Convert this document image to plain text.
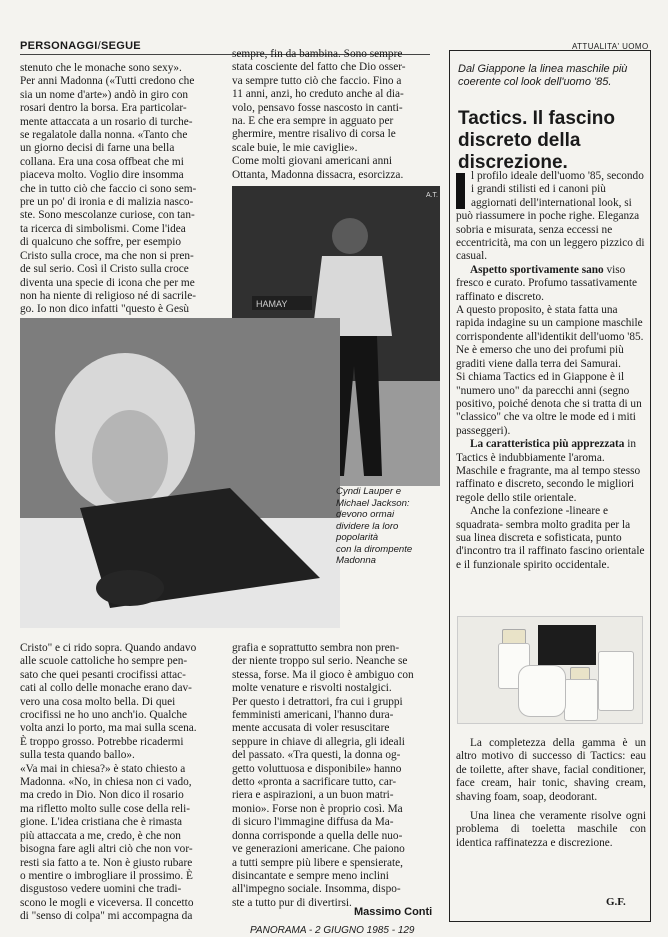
PERSONAGGI/SEGUE
stenuto che le monache sono sexy».
Per anni Madonna («Tutti credono che
sia un nome d'arte») andò in giro con
rosari dentro la borsa. Era particolar-
mente attaccata a un rosario di turche-
se regalatole dalla nonna. «Tanto che
un giorno decisi di farne una bella
collana. Era una cosa offbeat che mi
piaceva molto. Voglio dire insomma
che in tutto ciò che faccio ci sono sem-
pre un po' di ironia e di malizia nasco-
ste. Sono mescolanze curiose, con tan-
ta ricerca di simbolismi. Come l'idea
di qualcuno che soffre, per esempio
Cristo sulla croce, ma che non si pren-
de sul serio. Così il Cristo sulla croce
diventa una specie di icona che per me
non ha niente di religioso né di sacrile-
go. Io non dico infatti "questo è Gesù
sempre, fin da bambina. Sono sempre
stata cosciente del fatto che Dio osser-
va sempre tutto ciò che faccio. Fino a
11 anni, anzi, ho creduto anche al dia-
volo, pensavo fosse nascosto in canti-
na. E che era sempre in agguato per
ghermire, mentre risalivo di corsa le
scale buie, le mie caviglie».
Come molti giovani americani anni
Ottanta, Madonna dissacra, esorcizza.
HAMAY
A.T.
Cyndi Lauper e
Michael Jackson:
devono ormai
dividere la loro
popolarità
con la dirompente
Madonna
Cristo" e ci rido sopra. Quando andavo
alle scuole cattoliche ho sempre pen-
sato che quei pesanti crocifissi attac-
cati al collo delle monache erano dav-
vero una cosa molto bella. Di quei
crocifissi ne ho uno anch'io. Qualche
volta anzi lo porto, ma mai sulla scena.
È troppo grosso. Potrebbe ricadermi
sulla testa quando ballo».
«Va mai in chiesa?» è stato chiesto a
Madonna. «No, in chiesa non ci vado,
ma credo in Dio. Non dico il rosario
ma rifletto molto sulle cose della reli-
gione. L'idea cristiana che è rimasta
più attaccata a me, credo, è che non
bisogna fare agli altri ciò che non vor-
resti sia fatto a te. Non è giusto rubare
o mentire o imbrogliare il prossimo. È
disgustoso vedere uomini che tradi-
scono le mogli e viceversa. Il concetto
di "senso di colpa" mi accompagna da
grafia e soprattutto sembra non pren-
der niente troppo sul serio. Neanche se
stessa, forse. Ma il gioco è ambiguo con
molte venature e risvolti nostalgici.
Per questo i detrattori, fra cui i gruppi
femministi americani, l'hanno dura-
mente accusata di voler resuscitare
seppure in chiave di allegria, gli ideali
del passato. «Tra questi, la donna og-
getto voluttuosa e disponibile» hanno
detto «pronta a sacrificare tutto, car-
riera e aspirazioni, a un buon matri-
monio». Forse non è proprio così. Ma
di sicuro l'immagine diffusa da Ma-
donna corrisponde a quella delle nuo-
ve generazioni americane. Che paiono
a tutti sempre più libere e spensierate,
disincantate e sempre meno inclini
all'impegno sociale. Insomma, dispo-
ste a tutto pur di divertirsi.
Massimo Conti
PANORAMA - 2 GIUGNO 1985 - 129
ATTUALITA' UOMO
Dal Giappone la linea maschile più coerente col look dell'uomo '85.
Tactics. Il fascino discreto della discrezione.

l profilo ideale dell'uomo '85, secondo i grandi stilisti ed i canoni più aggiornati dell'international look, si può riassumere in poche righe. Eleganza sobria e misurata, senza eccessi ne eccentricità, ma con un leggero pizzico di casual.

Aspetto sportivamente sano viso fresco e curato. Profumo tassativamente raffinato e discreto.

A questo proposito, è stata fatta una rapida indagine su un campione maschile corrispondente all'identikit dell'uomo '85. Ne è emerso che uno dei profumi più graditi viene dalla terra dei Samurai.

Si chiama Tactics ed in Giappone è il "numero uno" da parecchi anni (segno positivo, poiché denota che si tratta di un "classico" che va oltre le mode ed i miti passeggeri).

La caratteristica più apprezzata in Tactics è indubbiamente l'aroma. Maschile e fragrante, ma al tempo stesso raffinato e discreto, secondo le migliori regole dello stile orientale.

Anche la confezione -lineare e squadrata- sembra molto gradita per la sua linea discreta e sofisticata, punto d'incontro tra il raffinato fascino orientale e il funzionale spirito occidentale.

La completezza della gamma è un altro motivo di successo di Tactics: eau de toilette, after shave, facial conditioner, face cream, hair tonic, shaving cream, shaving foam, soap, deodorant.

Una linea che veramente risolve ogni problema di toeletta maschile con identica raffinatezza e discrezione.

G.F.
